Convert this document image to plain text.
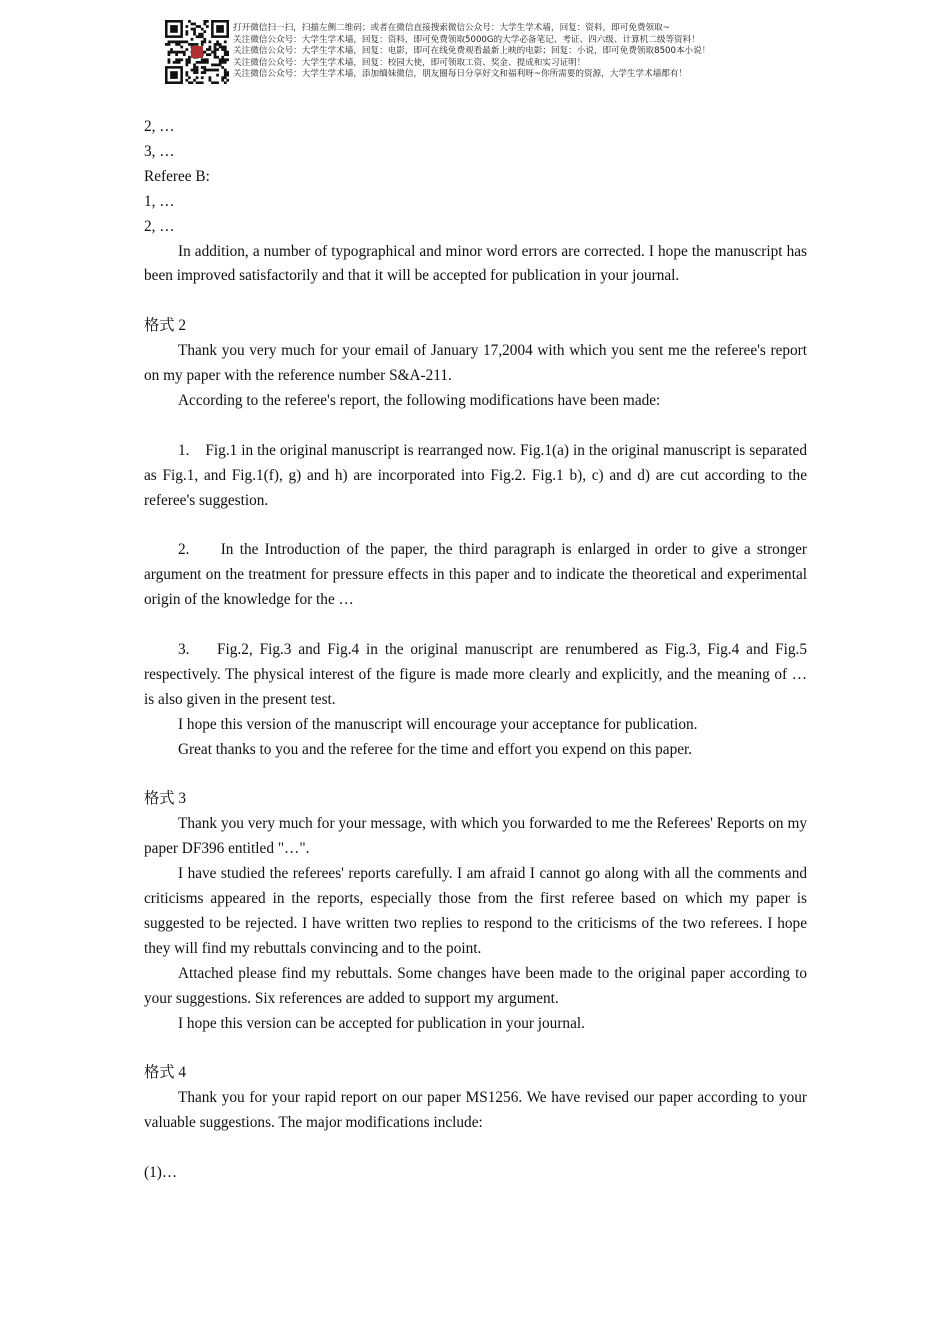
打开微信扫一扫，扫描左侧二维码；或者在微信直接搜索微信公众号：大学生学术墙，回复：资料，即可免费领取~
关注微信公众号：大学生学术墙，回复：资料，即可免费领取5000G的大学必备笔记、考证、四六级、计算机二级等资料！
关注微信公众号：大学生学术墙，回复：电影，即可在线免费观看最新上映的电影；回复：小说，即可免费领取8500本小说！
关注微信公众号：大学生学术墙，回复：校园大使，即可领取工资、奖金、提成和实习证明！
关注微信公众号：大学生学术墙，添加缅妹微信，朋友圈每日分享好文和福利呀~你所需要的资源，大学生学术墙都有！

2, …

3, …

Referee B:

1, …

2, …

In addition, a number of typographical and minor word errors are corrected. I hope the manuscript has been improved satisfactorily and that it will be accepted for publication in your journal.

格式 2

Thank you very much for your email of January 17,2004 with which you sent me the referee's report on my paper with the reference number S&A-211.

According to the referee's report, the following modifications have been made:

1.    Fig.1 in the original manuscript is rearranged now. Fig.1(a) in the original manuscript is separated as Fig.1, and Fig.1(f), g) and h) are incorporated into Fig.2. Fig.1 b), c) and d) are cut according to the referee's suggestion.

2.     In the Introduction of the paper, the third paragraph is enlarged in order to give a stronger argument on the treatment for pressure effects in this paper and to indicate the theoretical and experimental origin of the knowledge for the …

3.    Fig.2, Fig.3 and Fig.4 in the original manuscript are renumbered as Fig.3, Fig.4 and Fig.5 respectively. The physical interest of the figure is made more clearly and explicitly, and the meaning of … is also given in the present test.

I hope this version of the manuscript will encourage your acceptance for publication.

Great thanks to you and the referee for the time and effort you expend on this paper.

格式 3

Thank you very much for your message, with which you forwarded to me the Referees' Reports on my paper DF396 entitled "…".

I have studied the referees' reports carefully. I am afraid I cannot go along with all the comments and criticisms appeared in the reports, especially those from the first referee based on which my paper is suggested to be rejected. I have written two replies to respond to the criticisms of the two referees. I hope they will find my rebuttals convincing and to the point.

Attached please find my rebuttals. Some changes have been made to the original paper according to your suggestions. Six references are added to support my argument.

I hope this version can be accepted for publication in your journal.

格式 4

Thank you for your rapid report on our paper MS1256. We have revised our paper according to your valuable suggestions. The major modifications include:

(1)…
